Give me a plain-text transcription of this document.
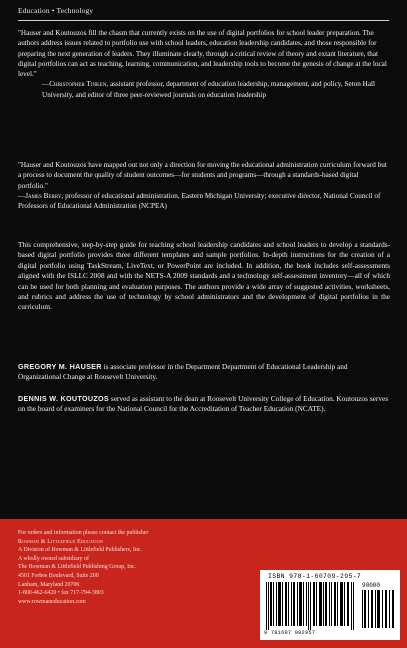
Education • Technology
"Hauser and Koutouzos fill the chasm that currently exists on the use of digital portfolios for school leader preparation. The authors address issues related to portfolio use with school leaders, education leadership candidates, and those responsible for preparing the next generation of leaders. They illuminate clearly, through a critical review of theory and extant literature, that digital portfolios can act as teaching, learning, communication, and leadership tools to become the genesis of change at the local level."
—Christopher Tinken, assistant professor, department of education leadership, management, and policy, Seton Hall University, and editor of three peer-reviewed journals on education leadership
"Hauser and Koutouzos have mapped out not only a direction for moving the educational administration curriculum forward but a process to document the quality of student outcomes—for students and programs—through a standards-based digital portfolio."
—James Berry, professor of educational administration, Eastern Michigan University; executive director, National Council of Professors of Educational Administration (NCPEA)
This comprehensive, step-by-step guide for teaching school leadership candidates and school leaders to develop a standards-based digital portfolio provides three different templates and sample portfolios. In-depth instructions for the creation of a digital portfolio using TaskStream, LiveText, or PowerPoint are included. In addition, the book includes self-assessments aligned with the ISLLC 2008 and with the NETS-A 2009 standards and a technology self-assessment inventory—all of which can be used for both planning and evaluation purposes. The authors provide a wide array of suggested activities, worksheets, and rubrics and address the use of technology by school administrators and the development of digital portfolios in the curriculum.
GREGORY M. HAUSER is associate professor in the Department Department of Educational Leadership and Organizational Change at Roosevelt University.
DENNIS W. KOUTOUZOS served as assistant to the dean at Roosevelt University College of Education. Koutouzos serves on the board of examiners for the National Council for the Accreditation of Teacher Education (NCATE).
For orders and information please contact the publisher
Rowman & Littlefield Education
A Division of Rowman & Littlefield Publishers, Inc.
A wholly owned subsidiary of
The Rowman & Littlefield Publishing Group, Inc.
4501 Forbes Boulevard, Suite 200
Lanham, Maryland 20706
1-800-462-6420 • fax 717-794-3803
www.rowmaneducation.com
ISBN 978-1-60709-295-7
90000
9 781607 092957
